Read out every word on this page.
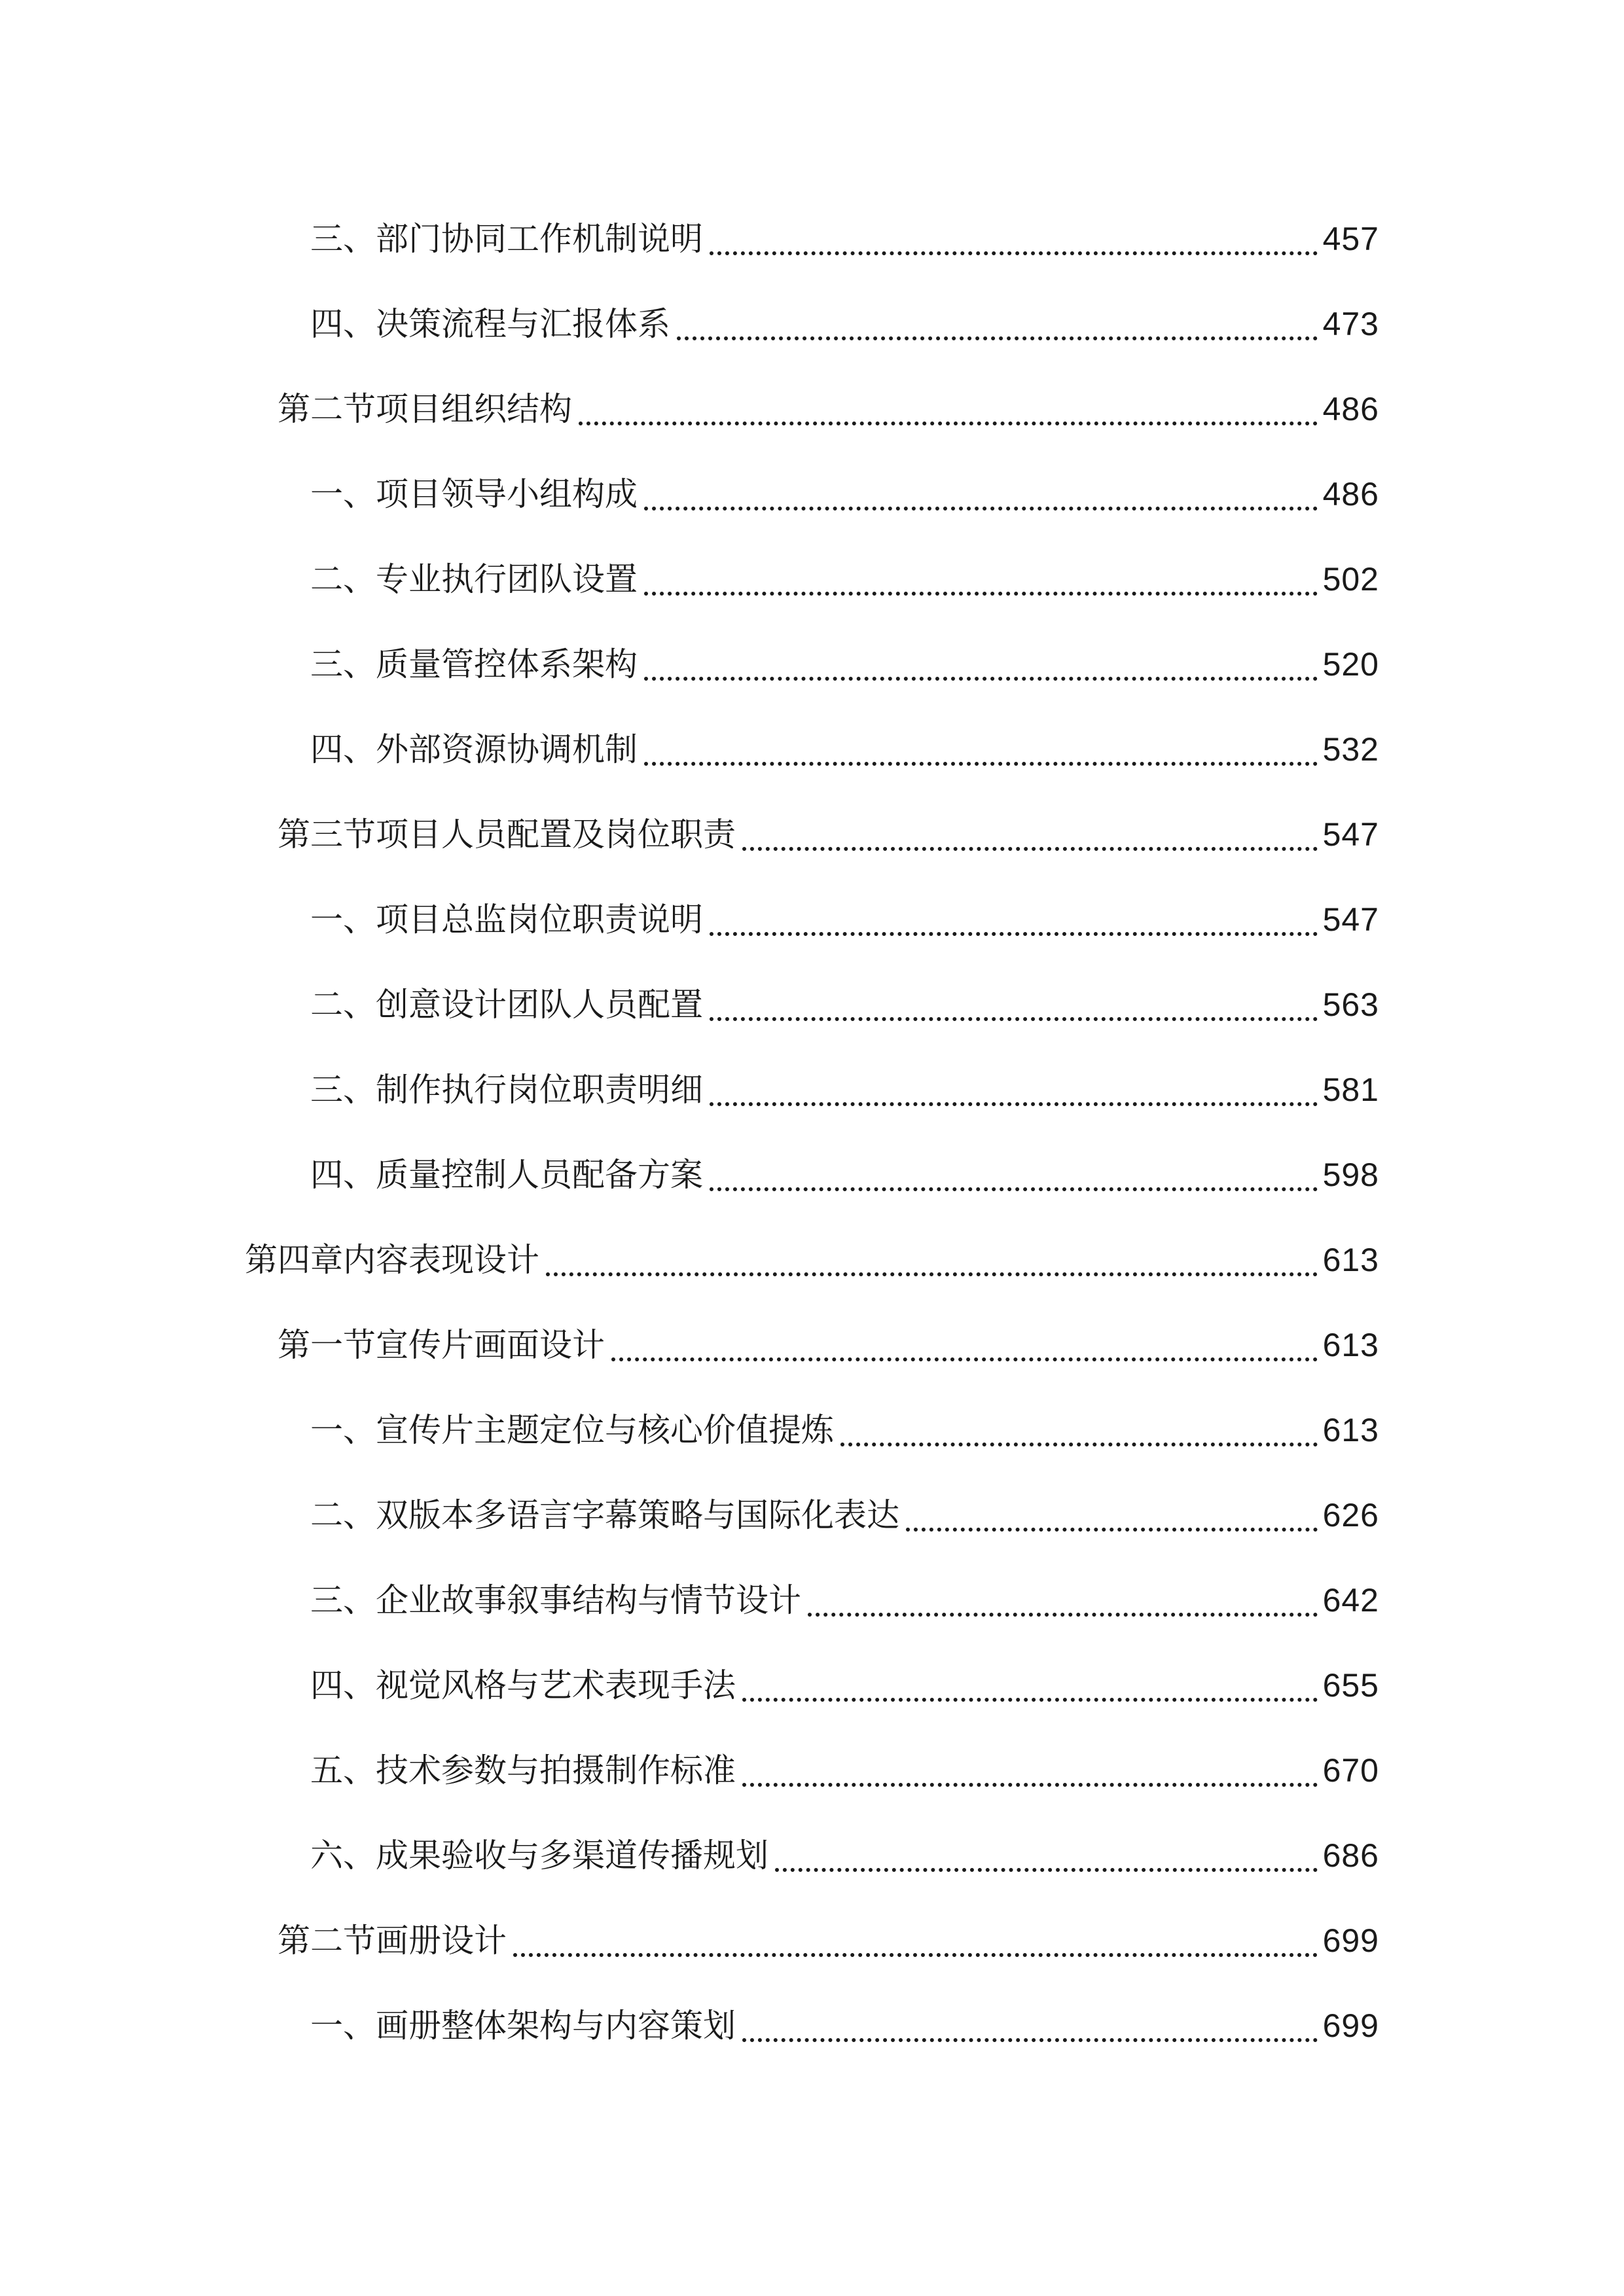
三、部门协同工作机制说明	457
四、决策流程与汇报体系	473
第二节项目组织结构	486
一、项目领导小组构成	486
二、专业执行团队设置	502
三、质量管控体系架构	520
四、外部资源协调机制	532
第三节项目人员配置及岗位职责	547
一、项目总监岗位职责说明	547
二、创意设计团队人员配置	563
三、制作执行岗位职责明细	581
四、质量控制人员配备方案	598
第四章内容表现设计	613
第一节宣传片画面设计	613
一、宣传片主题定位与核心价值提炼	613
二、双版本多语言字幕策略与国际化表达	626
三、企业故事叙事结构与情节设计	642
四、视觉风格与艺术表现手法	655
五、技术参数与拍摄制作标准	670
六、成果验收与多渠道传播规划	686
第二节画册设计	699
一、画册整体架构与内容策划	699
